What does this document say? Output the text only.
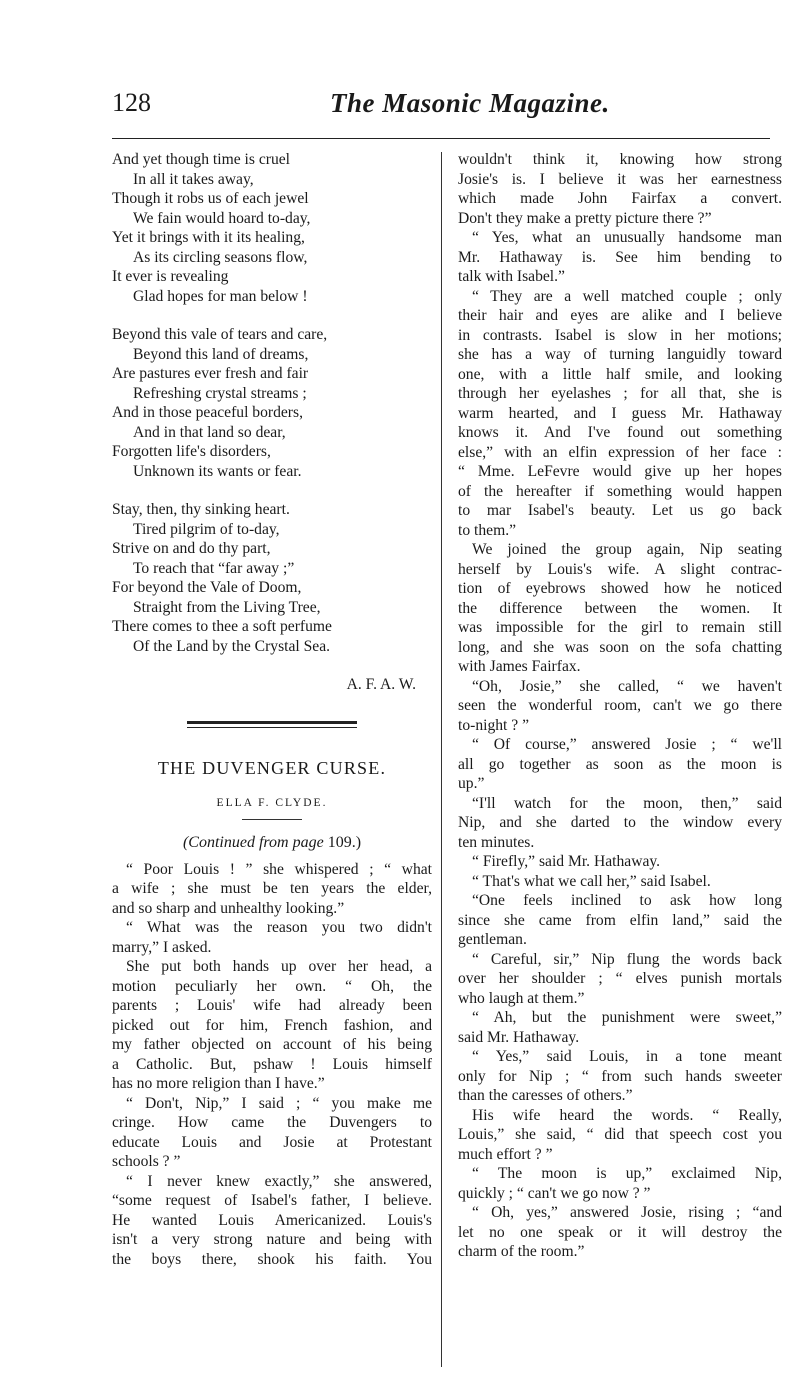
128	The Masonic Magazine.
And yet though time is cruel
In all it takes away,
Though it robs us of each jewel
We fain would hoard to-day,
Yet it brings with it its healing,
As its circling seasons flow,
It ever is revealing
Glad hopes for man below !
Beyond this vale of tears and care,
Beyond this land of dreams,
Are pastures ever fresh and fair
Refreshing crystal streams ;
And in those peaceful borders,
And in that land so dear,
Forgotten life's disorders,
Unknown its wants or fear.
Stay, then, thy sinking heart.
Tired pilgrim of to-day,
Strive on and do thy part,
To reach that “far away ;”
For beyond the Vale of Doom,
Straight from the Living Tree,
There comes to thee a soft perfume
Of the Land by the Crystal Sea.
A. F. A. W.
THE DUVENGER CURSE.
ELLA F. CLYDE.
(Continued from page 109.)
“ Poor Louis ! ” she whispered ; “ what
a wife ; she must be ten years the elder,
and so sharp and unhealthy looking.”
“ What was the reason you two didn't
marry,” I asked.
She put both hands up over her head, a
motion peculiarly her own. “ Oh, the
parents ; Louis' wife had already been
picked out for him, French fashion, and
my father objected on account of his being
a Catholic. But, pshaw ! Louis himself
has no more religion than I have.”
“ Don't, Nip,” I said ; “ you make me
cringe. How came the Duvengers to
educate Louis and Josie at Protestant
schools ? ”
“ I never knew exactly,” she answered,
“some request of Isabel's father, I believe.
He wanted Louis Americanized. Louis's
isn't a very strong nature and being with
the boys there, shook his faith. You
wouldn't think it, knowing how strong
Josie's is. I believe it was her earnestness
which made John Fairfax a convert.
Don't they make a pretty picture there ?”
“ Yes, what an unusually handsome man
Mr. Hathaway is. See him bending to
talk with Isabel.”
“ They are a well matched couple ; only
their hair and eyes are alike and I believe
in contrasts. Isabel is slow in her motions;
she has a way of turning languidly toward
one, with a little half smile, and looking
through her eyelashes ; for all that, she is
warm hearted, and I guess Mr. Hathaway
knows it. And I've found out something
else,” with an elfin expression of her face :
“ Mme. LeFevre would give up her hopes
of the hereafter if something would happen
to mar Isabel's beauty. Let us go back
to them.”
We joined the group again, Nip seating
herself by Louis's wife. A slight contrac-
tion of eyebrows showed how he noticed
the difference between the women. It
was impossible for the girl to remain still
long, and she was soon on the sofa chatting
with James Fairfax.
“Oh, Josie,” she called, “ we haven't
seen the wonderful room, can't we go there
to-night ? ”
“ Of course,” answered Josie ; “ we'll
all go together as soon as the moon is
up.”
“I'll watch for the moon, then,” said
Nip, and she darted to the window every
ten minutes.
“ Firefly,” said Mr. Hathaway.
“ That's what we call her,” said Isabel.
“One feels inclined to ask how long
since she came from elfin land,” said the
gentleman.
“ Careful, sir,” Nip flung the words back
over her shoulder ; “ elves punish mortals
who laugh at them.”
“ Ah, but the punishment were sweet,”
said Mr. Hathaway.
“ Yes,” said Louis, in a tone meant
only for Nip ; “ from such hands sweeter
than the caresses of others.”
His wife heard the words. “ Really,
Louis,” she said, “ did that speech cost you
much effort ? ”
“ The moon is up,” exclaimed Nip,
quickly ; “ can't we go now ? ”
“ Oh, yes,” answered Josie, rising ; “and
let no one speak or it will destroy the
charm of the room.”
